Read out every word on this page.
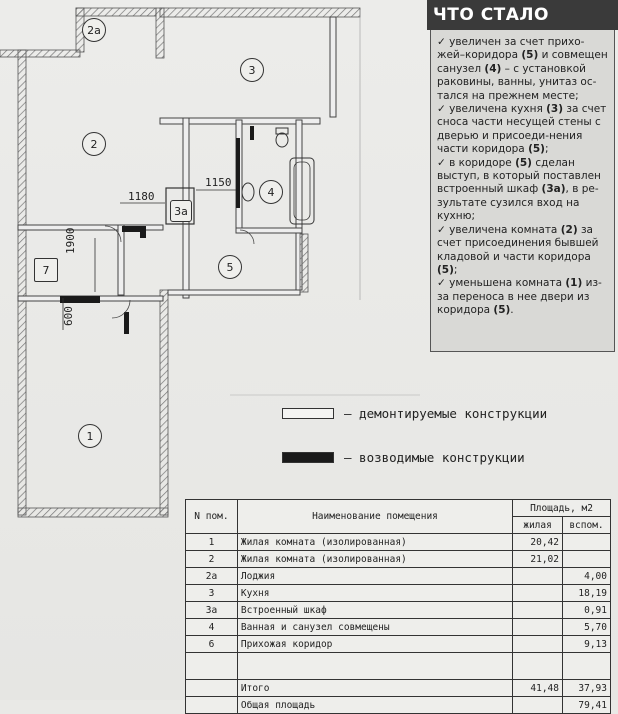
2а
3
2
4
3а
5
7
1
1180
1150
1900
600
ЧТО СТАЛО
✓ увеличен за счет прихо-жей–коридора (5) и совмещен санузел (4) – с установкой раковины, ванны, унитаз ос-тался на прежнем месте;
✓ увеличена кухня (3) за счет сноса части несущей стены с дверью и присоеди-нения части коридора (5);
✓ в коридоре (5) сделан выступ, в который поставлен встроенный шкаф (3а), в ре-зультате сузился вход на кухню;
✓ увеличена комната (2) за счет присоединения бывшей кладовой и части коридора (5);
✓ уменьшена комната (1) из-за переноса в нее двери из коридора (5).
– демонтируемые конструкции
– возводимые конструкции
N пом.	Наименование помещения	Площадь, м2	
		жилая	вспом.
1	Жилая комната (изолированная)	20,42	
2	Жилая комната (изолированная)	21,02	
2а	Лоджия		4,00
3	Кухня		18,19
3а	Встроенный шкаф		0,91
4	Ванная и санузел совмещены		5,70
6	Прихожая коридор		9,13

	Итого	41,48	37,93
	Общая площадь		79,41
